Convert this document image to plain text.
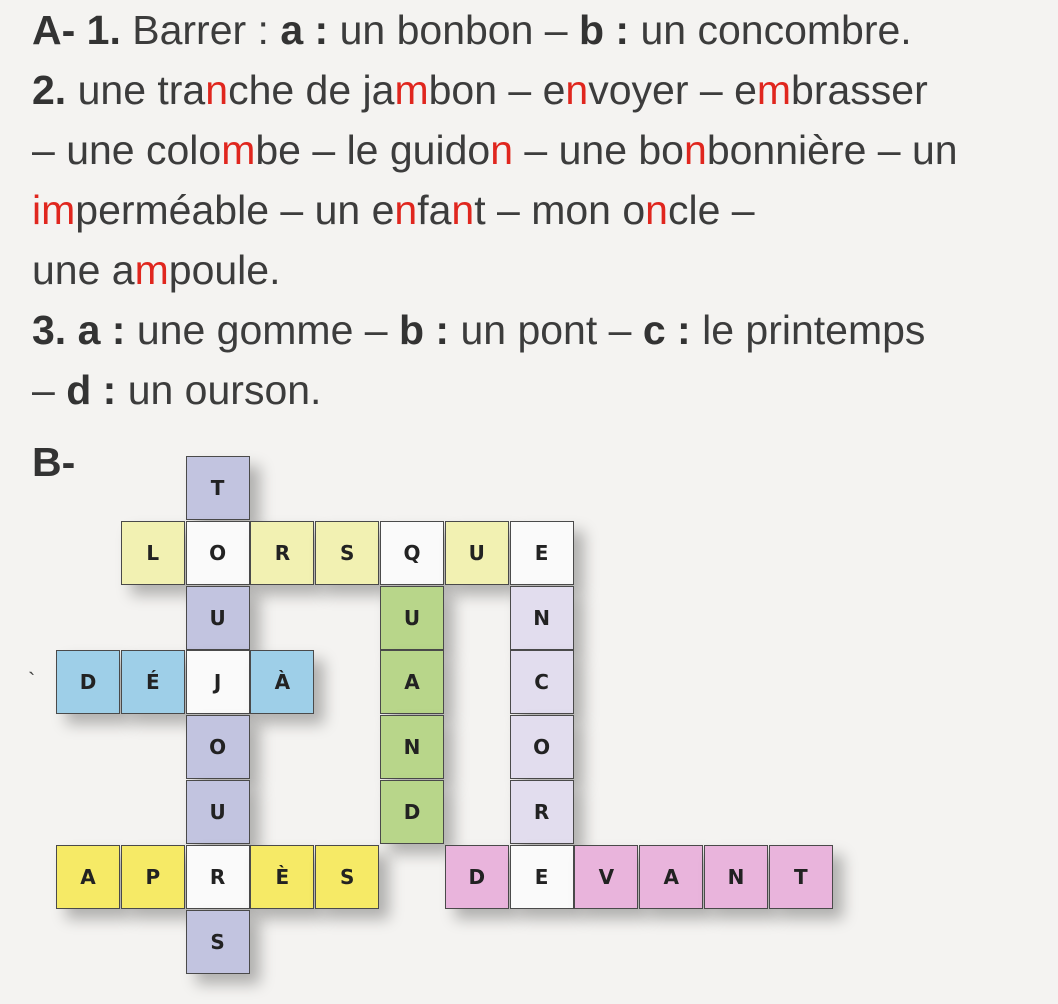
A- 1. Barrer : a : un bonbon – b : un concombre.
2. une tranche de jambon – envoyer – embrasser
– une colombe – le guidon – une bonbonnière – un
imperméable – un enfant – mon oncle –
une ampoule.
3. a : une gomme – b : un pont – c : le printemps
– d : un ourson.
B-
`
T
L	O	R	S	Q	U	E
U	U	N
D	É	J	À	A	C
O	N	O
U	D	R
A	P	R	È	S	D	E	V	A	N	T
S
